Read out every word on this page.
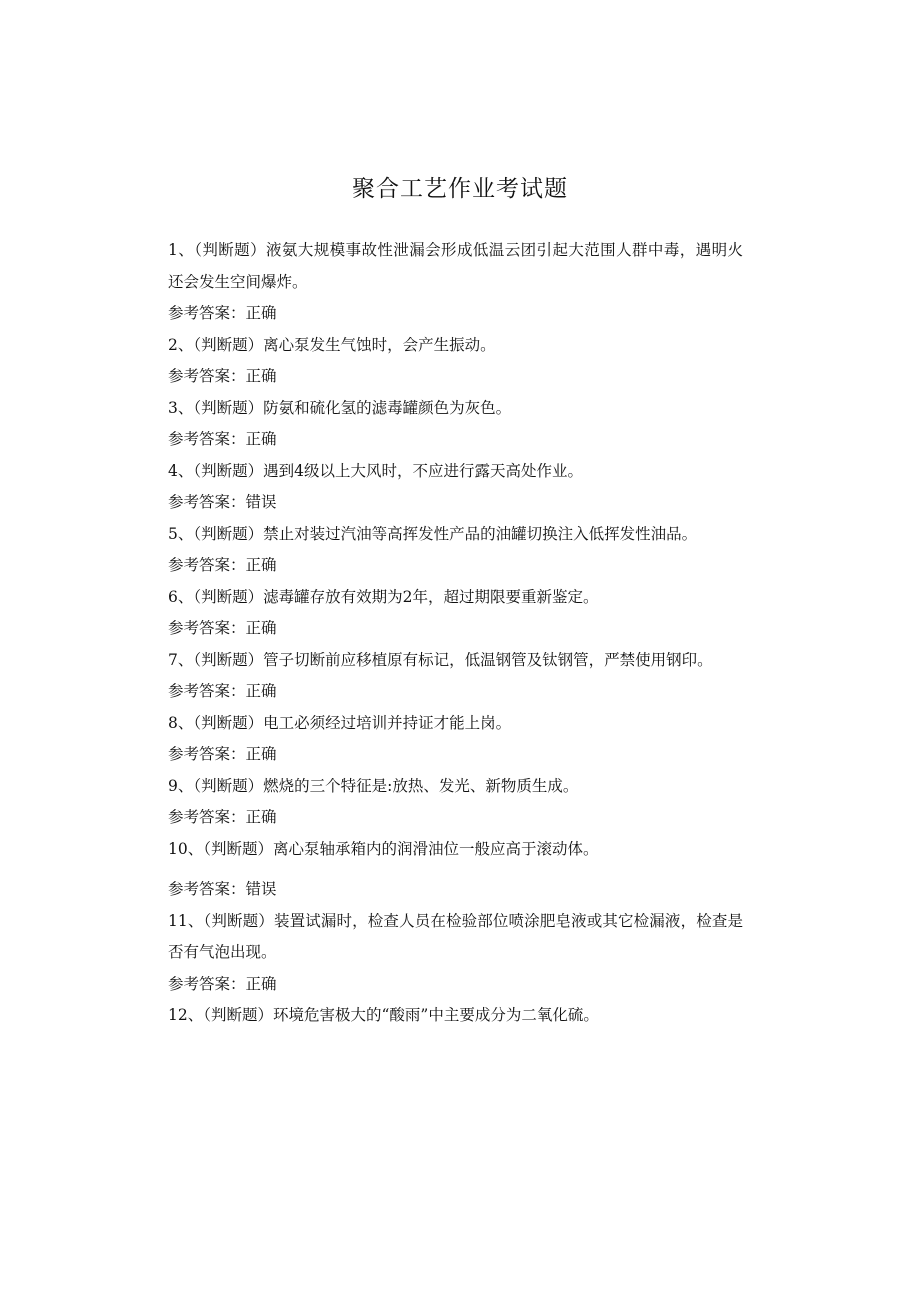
聚合工艺作业考试题

1、（判断题）液氨大规模事故性泄漏会形成低温云团引起大范围人群中毒，遇明火还会发生空间爆炸。

参考答案：正确

2、（判断题）离心泵发生气蚀时，会产生振动。

参考答案：正确

3、（判断题）防氨和硫化氢的滤毒罐颜色为灰色。

参考答案：正确

4、（判断题）遇到4级以上大风时，不应进行露天高处作业。

参考答案：错误

5、（判断题）禁止对装过汽油等高挥发性产品的油罐切换注入低挥发性油品。

参考答案：正确

6、（判断题）滤毒罐存放有效期为2年，超过期限要重新鉴定。

参考答案：正确

7、（判断题）管子切断前应移植原有标记，低温钢管及钛钢管，严禁使用钢印。

参考答案：正确

8、（判断题）电工必须经过培训并持证才能上岗。

参考答案：正确

9、（判断题）燃烧的三个特征是:放热、发光、新物质生成。

参考答案：正确

10、（判断题）离心泵轴承箱内的润滑油位一般应高于滚动体。

参考答案：错误

11、（判断题）装置试漏时，检查人员在检验部位喷涂肥皂液或其它检漏液，检查是否有气泡出现。

参考答案：正确

12、（判断题）环境危害极大的“酸雨”中主要成分为二氧化硫。
